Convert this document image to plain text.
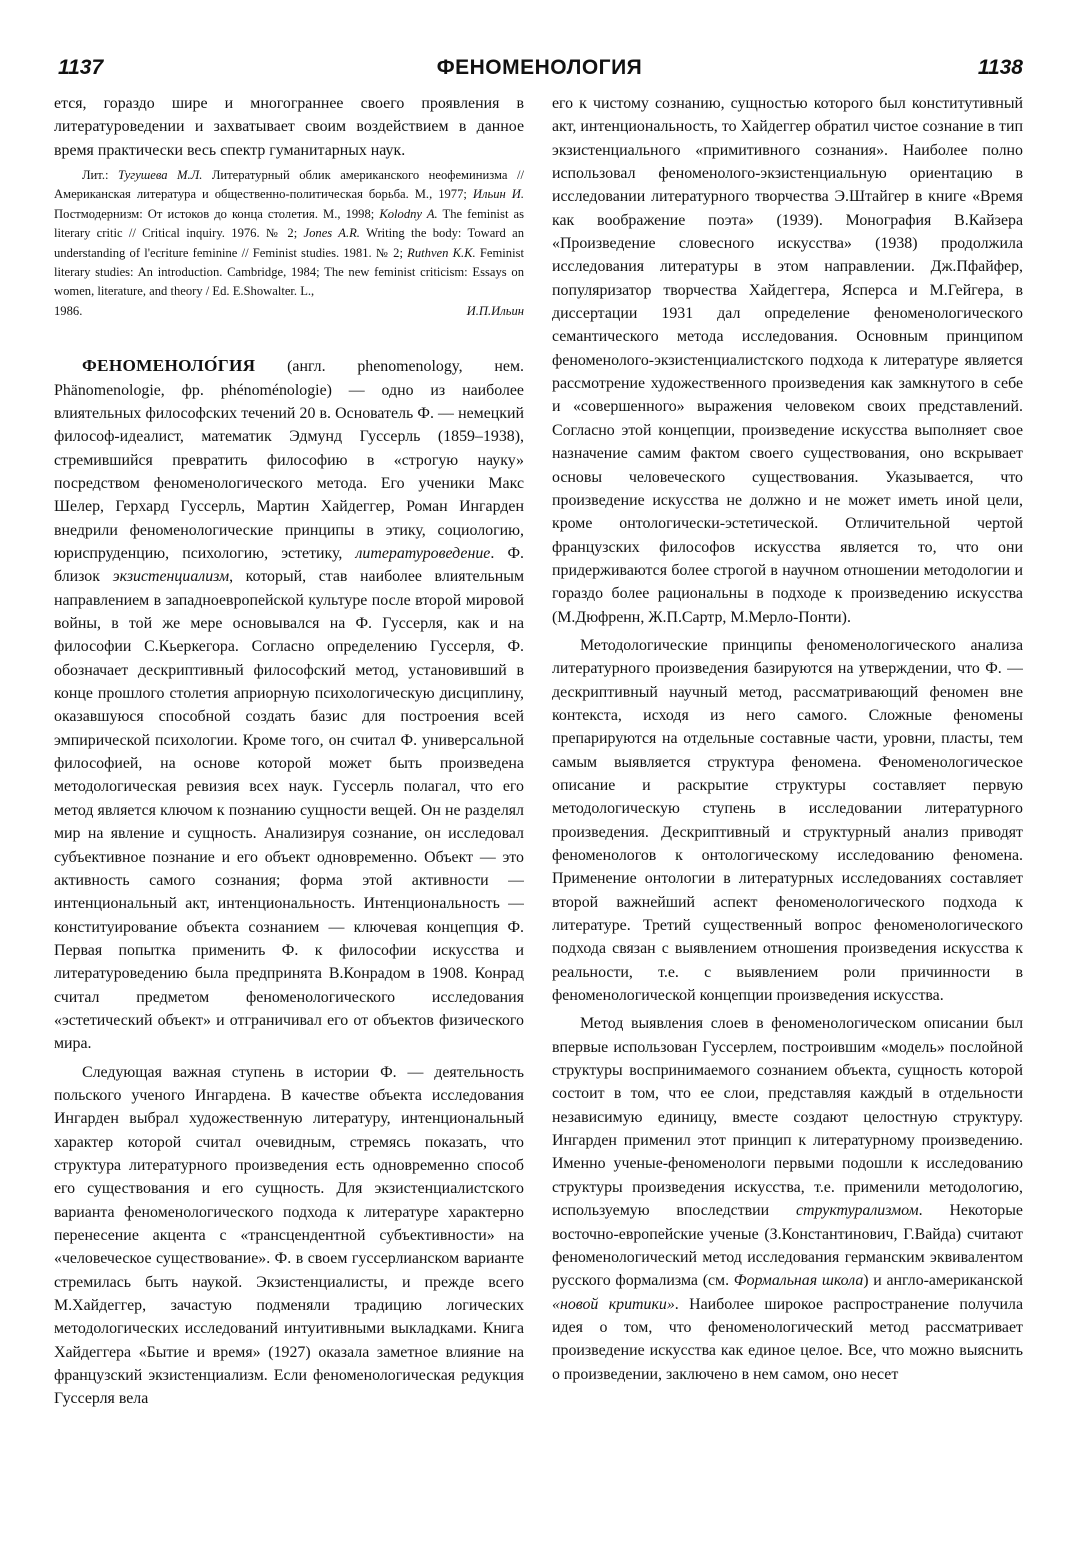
1137	ФЕНОМЕНОЛОГИЯ	1138

ется, гораздо шире и многограннее своего проявления в литературоведении и захватывает своим воздействием в данное время практически весь спектр гуманитарных наук.

Лит.: Тугушева М.Л. Литературный облик американского неофеминизма // Американская литература и общественно-политическая борьба. М., 1977; Ильин И. Постмодернизм: От истоков до конца столетия. М., 1998; Kolodny A. The feminist as literary critic // Critical inquiry. 1976. № 2; Jones A.R. Writing the body: Toward an understanding of l'ecriture feminine // Feminist studies. 1981. № 2; Ruthven K.K. Feminist literary studies: An introduction. Cambridge, 1984; The new feminist criticism: Essays on women, literature, and theory / Ed. E.Showalter. L.,

1986.	И.П.Ильин

ФЕНОМЕНОЛО́ГИЯ (англ. phenomenology, нем. Phänomenologie, фр. phénoménologie) — одно из наиболее влиятельных философских течений 20 в. Основатель Ф. — немецкий философ-идеалист, математик Эдмунд Гуссерль (1859–1938), стремившийся превратить философию в «строгую науку» посредством феноменологического метода. Его ученики Макс Шелер, Герхард Гуссерль, Мартин Хайдеггер, Роман Ингарден внедрили феноменологические принципы в этику, социологию, юриспруденцию, психологию, эстетику, литературоведение. Ф. близок экзистенциализм, который, став наиболее влиятельным направлением в западноевропейской культуре после второй мировой войны, в той же мере основывался на Ф. Гуссерля, как и на философии С.Кьеркегора. Согласно определению Гуссерля, Ф. обозначает дескриптивный философский метод, установивший в конце прошлого столетия априорную психологическую дисциплину, оказавшуюся способной создать базис для построения всей эмпирической психологии. Кроме того, он считал Ф. универсальной философией, на основе которой может быть произведена методологическая ревизия всех наук. Гуссерль полагал, что его метод является ключом к познанию сущности вещей. Он не разделял мир на явление и сущность. Анализируя сознание, он исследовал субъективное познание и его объект одновременно. Объект — это активность самого сознания; форма этой активности — интенциональный акт, интенциональность. Интенциональность — конституирование объекта сознанием — ключевая концепция Ф. Первая попытка применить Ф. к философии искусства и литературоведению была предпринята В.Конрадом в 1908. Конрад считал предметом феноменологического исследования «эстетический объект» и отграничивал его от объектов физического мира.

Следующая важная ступень в истории Ф. — деятельность польского ученого Ингардена. В качестве объекта исследования Ингарден выбрал художественную литературу, интенциональный характер которой считал очевидным, стремясь показать, что структура литературного произведения есть одновременно способ его существования и его сущность. Для экзистенциалистского варианта феноменологического подхода к литературе характерно перенесение акцента с «трансцендентной субъективности» на «человеческое существование». Ф. в своем гуссерлианском варианте стремилась быть наукой. Экзистенциалисты, и прежде всего М.Хайдеггер, зачастую подменяли традицию логических методологических исследований интуитивными выкладками. Книга Хайдеггера «Бытие и время» (1927) оказала заметное влияние на французский экзистенциализм. Если феноменологическая редукция Гуссерля вела

его к чистому сознанию, сущностью которого был конститутивный акт, интенциональность, то Хайдеггер обратил чистое сознание в тип экзистенциального «примитивного сознания». Наиболее полно использовал феноменолого-экзистенциальную ориентацию в исследовании литературного творчества Э.Штайгер в книге «Время как воображение поэта» (1939). Монография В.Кайзера «Произведение словесного искусства» (1938) продолжила исследования литературы в этом направлении. Дж.Пфайфер, популяризатор творчества Хайдеггера, Ясперса и М.Гейгера, в диссертации 1931 дал определение феноменологического семантического метода исследования. Основным принципом феноменолого-экзистенциалистского подхода к литературе является рассмотрение художественного произведения как замкнутого в себе и «совершенного» выражения человеком своих представлений. Согласно этой концепции, произведение искусства выполняет свое назначение самим фактом своего существования, оно вскрывает основы человеческого существования. Указывается, что произведение искусства не должно и не может иметь иной цели, кроме онтологически-эстетической. Отличительной чертой французских философов искусства является то, что они придерживаются более строгой в научном отношении методологии и гораздо более рациональны в подходе к произведению искусства (М.Дюфренн, Ж.П.Сартр, М.Мерло-Понти).

Методологические принципы феноменологического анализа литературного произведения базируются на утверждении, что Ф. — дескриптивный научный метод, рассматривающий феномен вне контекста, исходя из него самого. Сложные феномены препарируются на отдельные составные части, уровни, пласты, тем самым выявляется структура феномена. Феноменологическое описание и раскрытие структуры составляет первую методологическую ступень в исследовании литературного произведения. Дескриптивный и структурный анализ приводят феноменологов к онтологическому исследованию феномена. Применение онтологии в литературных исследованиях составляет второй важнейший аспект феноменологического подхода к литературе. Третий существенный вопрос феноменологического подхода связан с выявлением отношения произведения искусства к реальности, т.е. с выявлением роли причинности в феноменологической концепции произведения искусства.

Метод выявления слоев в феноменологическом описании был впервые использован Гуссерлем, построившим «модель» послойной структуры воспринимаемого сознанием объекта, сущность которой состоит в том, что ее слои, представляя каждый в отдельности независимую единицу, вместе создают целостную структуру. Ингарден применил этот принцип к литературному произведению. Именно ученые-феноменологи первыми подошли к исследованию структуры произведения искусства, т.е. применили методологию, используемую впоследствии структурализмом. Некоторые восточно-европейские ученые (З.Константинович, Г.Вайда) считают феноменологический метод исследования германским эквивалентом русского формализма (см. Формальная школа) и англо-американской «новой критики». Наиболее широкое распространение получила идея о том, что феноменологический метод рассматривает произведение искусства как единое целое. Все, что можно выяснить о произведении, заключено в нем самом, оно несет
